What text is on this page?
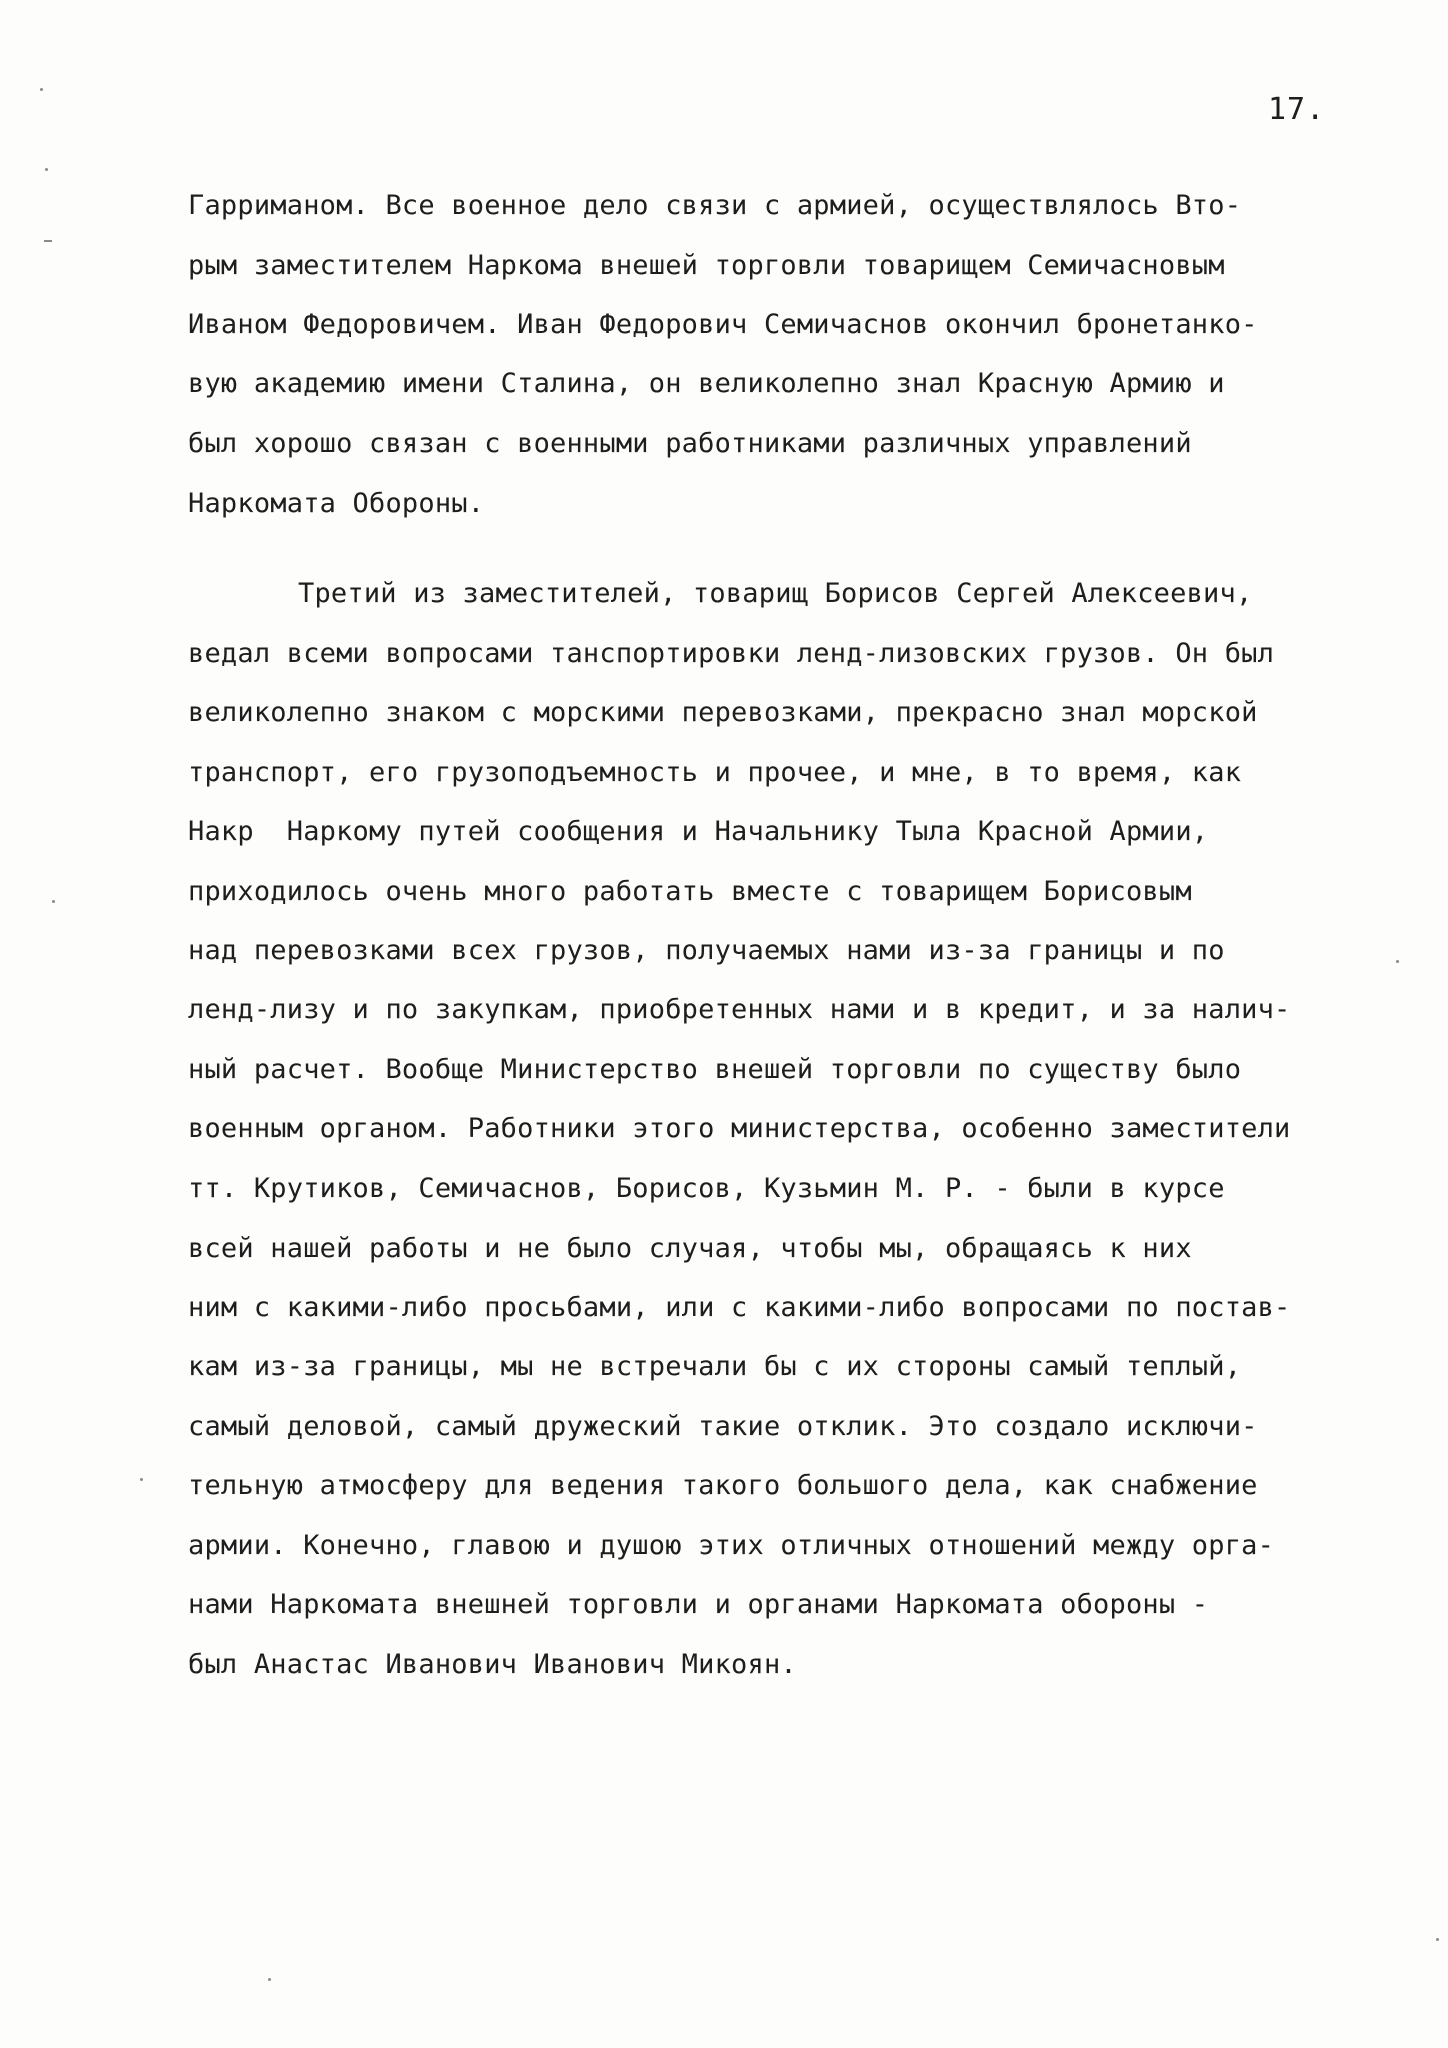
17.
Гарриманом. Все военное дело связи с армией, осуществлялось Вто-
рым заместителем Наркома внешей торговли товарищем Семичасновым
Иваном Федоровичем. Иван Федорович Семичаснов окончил бронетанко-
вую академию имени Сталина, он великолепно знал Красную Армию и
был хорошо связан с военными работниками различных управлений
Наркомата Обороны.
Третий из заместителей, товарищ Борисов Сергей Алексеевич,
ведал всеми вопросами танспортировки ленд-лизовских грузов. Он был
великолепно знаком с морскими перевозками, прекрасно знал морской
транспорт, его грузоподъемность и прочее, и мне, в то время, как
Накр  Наркому путей сообщения и Начальнику Тыла Красной Армии,
приходилось очень много работать вместе с товарищем Борисовым
над перевозками всех грузов, получаемых нами из-за границы и по
ленд-лизу и по закупкам, приобретенных нами и в кредит, и за налич-
ный расчет. Вообще Министерство внешей торговли по существу было
военным органом. Работники этого министерства, особенно заместители
тт. Крутиков, Семичаснов, Борисов, Кузьмин М. Р. - были в курсе
всей нашей работы и не было случая, чтобы мы, обращаясь к них
ним с какими-либо просьбами, или с какими-либо вопросами по постав-
кам из-за границы, мы не встречали бы с их стороны самый теплый,
самый деловой, самый дружеский такие отклик. Это создало исключи-
тельную атмосферу для ведения такого большого дела, как снабжение
армии. Конечно, главою и душою этих отличных отношений между орга-
нами Наркомата внешней торговли и органами Наркомата обороны -
был Анастас Иванович Иванович Микоян.
